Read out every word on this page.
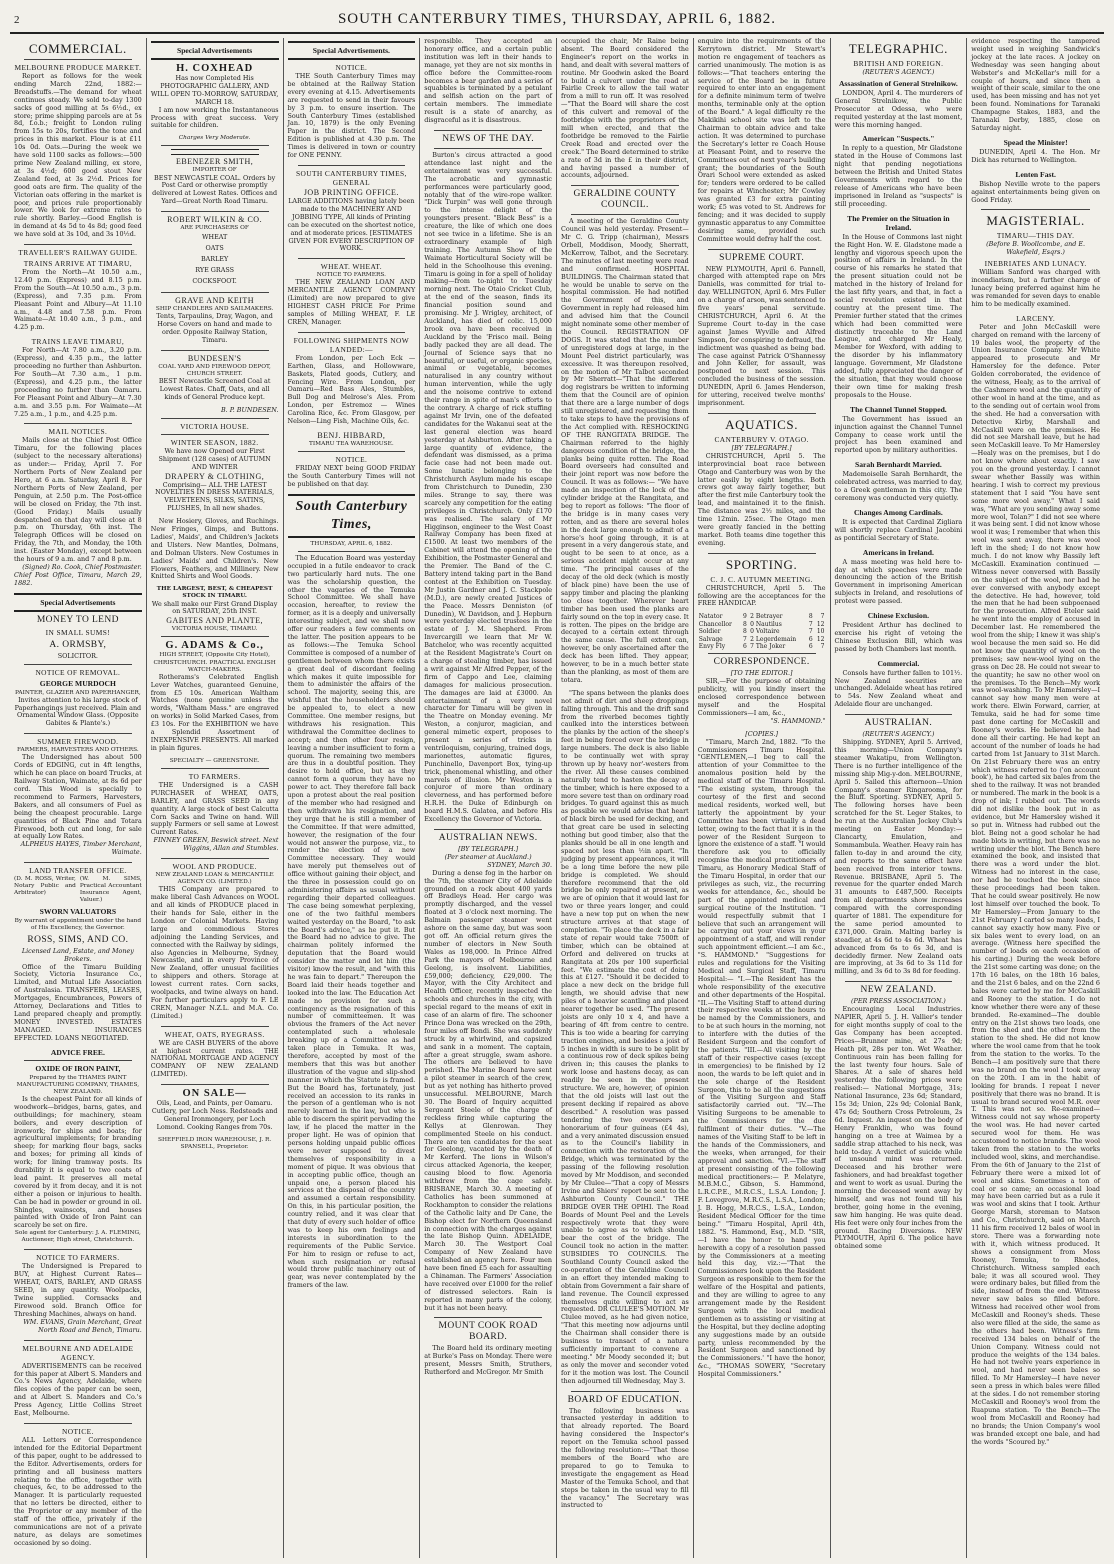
2	SOUTH CANTERBURY TIMES, THURSDAY, APRIL 6, 1882.
COMMERCIAL.
MELBOURNE PRODUCE MARKET.

Report as follows for the week ending March 22nd, 1882:— Breadstuffs.—The demand for wheat continues steady. We sold to-day 1300 sacks of good milling at 5s 6½d., ex store; prime shipping parcels are at 5s 8d, f.o.b.; freight to London ruling from 15s to 20s, fortifies the tone and prices in this market. Flour is at £11 10s 0d. Oats.—During the week we have sold 1100 sacks as follows:—500 prime New Zealand milling, ex store, at 3s 4½d; 600 good stout New Zealand feed, at 3s 2½d. Prices for good oats are firm. The quality of the Victorian oats offering in the market is poor, and prices rule proportionably lower. We look for extreme rates to rule shortly. Barley.—Good English is in demand at 4s 5d to 4s 8d; good feed we have sold at 3s 10d, and 3s 10½d.

TRAVELLER'S RAILWAY GUIDE.
TRAINS ARRIVE AT TIMARU,

From the North—At 10.50 a.m., 12.40 p.m. (Express) and 8.15 p.m. From the South—At 10.50 a.m., 3 p.m. (Express), and 7.35 p.m. From Pleasant Point and Albury—At 11.10 a.m., 4.48 and 7.58 p.m. From Waimate—At 10.40 a.m., 3 p.m., and 4.25 p.m.

TRAINS LEAVE TIMARU,

For North—At 7.80 a.m., 3.20 p.m. (Express), and 4.35 p.m., the latter proceeding no further than Ashburton. For South—At 7.30 a.m., 1 p.m. (Express), and 4.25 p.m., the latter proceeding no further than Oamaru. For Pleasant Point and Albury—At 7.30 a.m. and 3.55 p.m. For Waimate—At 7.25 a.m., 1 p.m., and 4.25 p.m.

MAIL NOTICES.

Mails close at the Chief Post Office Timaru, for the following places (subject to the necessary alterations) as under:— Friday, April 7. For Northern Ports of New Zealand per Hero, at 6 a.m. Saturday, April 8. For Northern Ports of New Zealand, per Penguin, at 2.50 p.m. The Post-office will be closed on Friday, the 7th inst. (Good Friday.) Mails usually despatched on that day will close at 8 p.m. on Thursday, 6th inst. The Telegraph Offices will be closed on Friday, the 7th, and Monday, the 10th inst. (Easter Monday), except between the hours of 9 a.m. and 7 and 8 p.m.

(Signed) Ro. Cook, Chief Postmaster.
Chief Post Office, Timaru, March 29, 1882.
Special Advertisements
MONEY TO LEND
IN SMALL SUMS!
A. ORMSBY,
SOLICITOR.
NOTICE OF REMOVAL.
GEORGE MURDOCH
PAINTER, GLAZIER AND PAPERHANGER,
Invites attention to his large stock of Paperhangings just received. Plain and Ornamental Window Glass. (Opposite Gabites & Plante's.)
SUMMER FIREWOOD.
FARMERS, HARVESTERS AND OTHERS.

The Undersigned has about 500 Cords of EDGING, cut in 4ft lengths, which he can place on board Trucks, at Railway Station, Waimate, at 8s 6d per cord. This Wood is specially to recommend to Farmers, Harvesters, Bakers, and all consumers of Fuel as being the cheapest procurable. Large quantities of Black Pine and Totara Firewood, both cut and long, for sale at equally Low Rates.

ALPHEUS HAYES, Timber Merchant, Waimate.
LAND TRANSFER OFFICE.
(D. M. ROSS, Writer, Notary Public and Arbitrator)
(W. M. SIMS, Practical Accountant Insurance Agent, Valuer.)
SWORN VALUATORS
By warrant of appointment under the hand of His Excellency, the Governor.
ROSS, SIMS, AND CO.
Licensed Land, Estate, and Money Brokers.

Office of the Timaru Building Society, Victoria Insurance Co., Limited, and Mutual Life Association of Australasia. TRANSFERS, LEASES, Mortgages, Encumbrances, Powers of Attorney, Declarations and Titles to Land prepared cheaply and promptly. MONEY INVESTED. ESTATES MANAGED. INSURANCES EFFECTED. LOANS NEGOTIATED.

ADVICE FREE.
OXIDE OF IRON PAINT,
Prepared by the THAMES PAINT MANUFACTURING COMPANY, THAMES, NEW ZEALAND.

Is the cheapest Paint for all kinds of woodwork—bridges, barns, gates, and outbuildings; for machinery, steam boilers, and every description of ironwork; for ships and boats; for agricultural implements; for branding sheep; for marking flour bags, sacks and boxes; for priming all kinds of work; for lining tramway posts. Its durability it is equal to two coats of lead paint. It preserves all metal covered by it from decay, and it is not either a poison or injurious to health. Can be had in powder or ground in oil. Shingles, wainscots, and houses painted with Oxide of Iron Paint can scarcely be set on fire.

Sole agent for Canterbury: J. A. FLEMING, Auctioneer, High street, Christchurch.
NOTICE TO FARMERS.

The Undersigned is Prepared to BUY, at Highest Current Rates—WHEAT, OATS, BARLEY, AND GRASS SEED, in any quantity. Woolpacks, Twine supplied. Cornsacks and Firewood sold. Branch Office for Threshing Machines, always on hand.

WM. EVANS, Grain Merchant, Great North Road and Bench, Timaru.
MELBOURNE AND ADELAIDE AGENCY.

ADVERTISEMENTS can be received for this paper at Albert S. Manders and Co.'s News Agency, Adelaide, where files copies of the paper can be seen, and at Albert S. Manders and Co.'s Press Agency, Little Collins Street East, Melbourne.

NOTICE.

ALL Letters or Correspondence intended for the Editorial Department of this paper, ought to be addressed to the Editor. Advertisements, orders for printing and all business matters relating to the office, together with cheques, &c, to be addressed to the Manager. It is particularly requested that no letters be directed, either to the Proprietor or any member of the staff of the office, privately if the communications are not of a private nature, as delays are sometimes occasioned by so doing.

Special Advertisements
H. COXHEAD
Has now Completed His PHOTOGRAPHIC GALLERY, AND WILL OPEN TO-MORROW, SATURDAY, MARCH 18.

I am now working the Instantaneous Process with great success. Very suitable for children.

Charges Very Moderate.
EBENEZER SMITH,
IMPORTER OF
BEST NEWCASTLE COAL. Orders by Post Card or otherwise promptly delivered at Lowest Rates. Offices and Yard—Great North Road Timaru.
ROBERT WILKIN & CO.
ARE PURCHASERS OF
WHEAT
OATS
BARLEY
RYE GRASS
COCKSFOOT.
GRAVE AND KEITH
SHIP CHANDLERS AND SAILMAKERS.
Tents, Tarpaulins, Dray, Wagon, and Horse Covers on hand and made to order. Opposite Railway Station, Timaru.
BUNDESEN'S
COAL YARD AND FIREWOOD DEPOT, CHURCH STREET.
BEST Newcastle Screened Coal at Lowest Rates. Chaff, Oats, and all kinds of General Produce kept.
B. P. BUNDESEN.
VICTORIA HOUSE.
WINTER SEASON, 1882.
We have now Opened our First Shipment (128 cases) of AUTUMN AND WINTER
DRAPERY & CLOTHING,
Comprising— ALL THE LATEST NOVELTIES IN DRESS MATERIALS, VELVETEENS, SILKS, SATINS, PLUSHES, In all new shades.

New Hosiery, Gloves, and Ruchings. New Fringes, Gimps, and Buttons. Ladies', Maids', and Children's Jackets and Ulsters. New Mantles, Dolmans, and Dolman Ulsters. New Costumes in Ladies' Maids' and Children's. New Flowers, Feathers, and Millinery. New Knitted Shirts and Wool Goods.

THE LARGEST, BEST, & CHEAPEST STOCK IN TIMARU.
We shall make our First Grand Display on SATURDAY, 25th INST.
GABITES AND PLANTE,
VICTORIA HOUSE, TIMARU.
G. ADAMS & Co.,
HIGH STREET, (Opposite City Hotel), CHRISTCHURCH. PRACTICAL ENGLISH WATCH-MAKERS.

Rotherams's Celebrated English Lever Watches, guaranteed Genuine, from £5 10s. American Waltham Watches (none genuine unless the words, "Waltham Mass." are engraved on works) in Solid Marked Cases, from £3 10s. For the EXHIBITION we have a Splendid Assortment of INEXPENSIVE PRESENTS. All marked in plain figures.

SPECIALTY — GREENSTONE.
TO FARMERS.

THE Undersigned is a CASH PURCHASER of WHEAT, OATS, BARLEY, and GRASS SEED in any quantity. A large stock of best Calcutta Corn Sacks and Twine on hand. Will supply Farmers or sell same at Lowest Current Rates.

FINNEY GREEN, Beswick street. Next Wiggins, Allan and Stumbles.
WOOL AND PRODUCE.
NEW ZEALAND LOAN & MERCANTILE AGENCY CO. (LIMITED.)

THIS Company are prepared to make liberal Cash Advances on WOOL and all kinds of PRODUCE placed in their hands for Sale, either in the London or Colonial Markets. Having large and commodious Stores adjoining the Landing Services, and connected with the Railway by sidings, also Agencies in Melbourne, Sydney, Newcastle, and in every Province of New Zealand, offer unusual facilities to shippers and others. Storage at lowest current rates. Corn sacks, woolpacks, and twine always on hand. For further particulars apply to F. LE CREN, Manager N.Z.L. and M.A. Co. (Limited.)

WHEAT, OATS, RYEGRASS.

WE are CASH BUYERS of the above at highest current rates. THE NATIONAL MORTGAGE AND AGENCY COMPANY OF NEW ZEALAND (LIMITED).

ON SALE—
Oils, Lead, and Paints, per Oamaru. Cutlery, per Loch Ness. Redsteads and General Ironmongery, per Loch Lomond. Cooking Ranges from 70s.
SHEFFIELD IRON WAREHOUSE, J. R. SPANSELL, Proprietor.
Special Advertisements.
NOTICE.

THE South Canterbury Times may be obtained at the Railway Station every evening at 4.15. Advertisements are requested to send in their favours by 3 p.m. to ensure insertion. The South Canterbury Times (established Jan. 10, 1879) is the only Evening Paper in the district. The Second Edition is published at 4.30 p.m. The Times is delivered in town or country for ONE PENNY.

SOUTH CANTERBURY TIMES, GENERAL
JOB PRINTING OFFICE.
LARGE ADDITIONS having lately been made to the MACHINERY AND JOBBING TYPE, All kinds of Printing can be executed on the shortest notice, and at moderate prices. [ESTIMATES GIVEN FOR EVERY DESCRIPTION OF WORK.
WHEAT. WHEAT.
NOTICE TO FARMERS.

THE NEW ZEALAND LOAN AND MERCANTILE AGENCY COMPANY (Limited) are now prepared to give HIGHEST CASH PRICE For Prime samples of Milling WHEAT, F. LE CREN, Manager.

FOLLOWING SHIPMENTS NOW LANDED:—

From London, per Loch Eck — Earthen, Glass, and Hollowware, Baskets, Plated goods, Cutlery, and Fencing Wire. From London, per Oamaru—Red Bass Ales, Stumbles, Bull Dog and Melrose's Ales. From London, per Estremoz — Wines Carolina Rice, &c. From Glasgow, per Nelson—Ling Fish, Machine Oils, &c.

BENJ. HIBBARD,
TIMARU TEA WAREHOUSE.
NOTICE.

FRIDAY NEXT being GOOD FRIDAY the South Canterbury Times will not be published on that day.

South Canterbury Times,
THURSDAY, APRIL 6, 1882.

The Education Board was yesterday occupied in a futile endeavor to crack two particularly hard nuts. The one was the scholarship question, the other the vagaries of the Temuka School Committee. We shall have occasion, hereafter, to review the former, as it is a deeply and universally interesting subject, and we shall now offer our readers a few comments on the latter. The position appears to be as follows:—The Temuka School Committee is composed of a number of gentlemen between whom there exists a great deal of discordant feeling which makes it quite impossible for them to administer the affairs of the school. The majority, seeing this, are wishful that the householders should be appealed to, to elect a new Committee. One member resigns, but withdraws his resignation. This withdrawal the Committee declines to accept; and then other four resign, leaving a number insufficient to form a quorum. The remaining two members are thus in a doubtful position. They desire to hold office, but as they cannot form a quorum they have no power to act. They therefore fall back upon a protest about the real position of the member who had resigned and then withdrawn his resignation, and they urge that he is still a member of the Committee. If that were admitted, however, the resignation of the four would not answer the purpose, viz., to render the election of a new Committee necessary. They would have merely put themselves out of office without gaining their object, and the three in possession could go on administering affairs as usual without regarding their departed colleagues. The case being somewhat perplexing, one of the two faithful members waited yesterday on the Board, "to ask the Board's advice," as he put it. But the Board had no advice to give. The chairman politely informed the deputation that the Board would consider the matter and let him (the visitor) know the result, and "with this he was fain to depart." Thereupon the Board laid their heads together and looked into the law. The Education Act made no provision for such a contingency as the resignation of this number of committeemen. It was obvious the framers of the Act never contemplated such a wholesale breaking up of a Committee as had taken place in Temuka. It was, therefore, accepted by most of the members that this was but another illustration of the vague and slip-shod manner in which the Statute is framed. But the Board has, fortunately, just received an accession to its ranks in the person of a gentleman who is not merely learned in the law, but who is able to discern the spirit pervading the law, if he placed the matter in the proper light. He was of opinion that persons holding unpaid public offices were never supposed to divest themselves of responsibility in a moment of pique. It was obvious that in accepting public office, though an unpaid one, a person placed his services at the disposal of the country and assumed a certain responsibility. On this, in his particular position, the country relied, and it was clear that that duty of every such holder of office was to keep his own feelings and interests in subordination to the requirements of the Public Service. For him to resign or refuse to act, when such resignation or refusal would throw public machinery out of gear, was never contemplated by the framers of the law.

responsible. They accepted an honorary office, and a certain public institution was left in their hands to manage, yet they are not six months in office before the Committee-room becomes a bear garden and a series of squabbles is terminated by a petulant and selfish action on the part of certain members. The immediate result is a state of anarchy, as disgraceful as it is disastrous.

NEWS OF THE DAY.

Burton's circus attracted a good attendance last night and the entertainment was very successful. The acrobatic and gymnastic performances were particularly good, notably that of the wire-rope walker. "Dick Turpin" was well gone through to the intense delight of the youngsters present. "Black Bess" is a creature, the like of which one does not see twice in a lifetime. She is an extraordinary example of high training. The Autumn Show of the Waimate Horticultural Society will be held in the Schoolhouse this evening. Timaru is going in for a spell of holiday making—from to-night to Tuesday morning next. The Otaio Cricket Club, at the end of the season, finds its financial position sound and promising. Mr J. Wrigley, architect, of Auckland, has died of colic. 15,000 brook ova have been received in Auckland by the 'Frisco mail. Being badly packed they are all dead. The Journal of Science says that no beautiful, or useful, or organic species, animal or vegetable, becomes naturalised in any country without human intervention, while the ugly and the noisome contrive to extend their range in spite of man's efforts to the contrary. A charge of rick stuffing against Mr Irvin, one of the defeated candidates for the Wakanui seat at the last general election was heard yesterday at Ashburton. After taking a large quantity of evidence, the defendant was dismissed, as a prima facie case had not been made out. Some lunatic belonging to the Christchurch Asylum made his escape from Christchurch to Dunedin, 230 miles. Strange to say, there was scarcely any competition for the eating privileges in Christchurch. Only £170 was realised. The salary of Mr Higginson, engineer to the West Coast Railway Company has been fixed at £1500. At least two members of the Cabinet will attend the opening of the Exhibition, the Postmaster General and the Premier. The Band of the C. Battery intend taking part in the Band contest at the Exhibition on Tuesday. Mr Justin Gardner and J. C. Stackpole (M.D.), are newly created Justices of the Peace. Messrs Denniston (of Dunedin), W. Davidson, and J. Hepburn were yesterday elected trustees in the estate of J. M. Shepherd. From Invercargill we learn that Mr W. Batchelor, who was recently acquitted at the Resident Magistrate's Court on a charge of stealing timber, has issued a writ against Mr Alfred Pepper, of the firm of Cappo and Lee, claiming damages for malicious prosecution. The damages are laid at £3000. An entertainment of a very novel character for Timaru will be given in the Theatre on Monday evening. Mr Weston, a conjuror, magician, and general mimetic expert, proposes to present a series of tricks in ventriloquism, conjuring, trained dogs, marionettes, automatic figures, Punchinello, Davenport Box, tying-up trick, phenomenal whistling, and other marvels of illusion. Mr Weston is a conjuror of more than ordinary cleverness, and has performed before H.R.H. the Duke of Edinburgh on board H.M.S. Galatea, and before His Excellency the Governor of Victoria.

AUSTRALIAN NEWS.
[BY TELEGRAPH.]
(Per steamer at Auckland.)
SYDNEY, March 30.

During a dense fog in the harbor on the 7th, the steamer City of Adelaide grounded on a rock about 400 yards off Bradleys Head. Her cargo was promptly discharged, and the vessel floated at 3 o'clock next morning. The Balmain passenger steamer went ashore on the same day, but was soon got off. An official return gives the number of electors in New South Wales as 198,000. In Prince Alfred Park the mayors of Melbourne and Geelong, is insolvent. Liabilities, £59,000; deficiency, £29,000. The Mayor, with the City Architect and Health Officer, recently inspected the schools and churches in the city, with special regard to the means of exit in case of an alarm of fire. The schooner Prince Dona was wrecked on the 29th, four miles off Bondi. She was suddenly struck by a whirlwind, and capsized and sank in a moment. The captain, after a great struggle, swam ashore. The others are believed to have perished. The Marine Board have sent a pilot steamer in search of the crew, but as yet nothing has hitherto proved unsuccessful. MELBOURNE, March 30. The Board of Inquiry acquitted Sergeant Steele of the charge of reckless firing while capturing the Kellys at Glenrowan. They complimented Steele on his conduct. There are ten candidates for the seat for Geelong, vacated by the death of Mr Kerferd. The lions in Wilson's circus attacked Agenoria, the keeper, causing blood to flow. Agenoria withdrew from the cage safely. BRISBANE, March 30. A meeting of Catholics has been summoned at Rockhampton to consider the relations of the Catholic laity and Dr Cane, the Bishop elect for Northern Queensland in connection with the charges against the late Bishop Quinn. ADELAIDE, March 30. The Westport Coal Company of New Zealand have established an agency here. Four men have been fined £5 each for assaulting a Chinaman. The Farmers' Association have received over £1000 for the relief of distressed selectors. Rain is reported in many parts of the colony, but it has not been heavy.

MOUNT COOK ROAD BOARD.

The Board held its ordinary meeting at Burke's Pass on Monday. There were present, Messrs Smith, Struthers, Rutherford and McGregor. Mr Smith

occupied the chair, Mr Raine being absent. The Board considered the Engineer's report on the works in hand, and dealt with several matters of routine. Mr Goodwin asked the Board to build a culvert under the road at Fairlie Creek to allow the tail water from a mill to run off. It was resolved—"That the Board will share the cost of this culvert and removal of the footbridge with the proprietors of the mill when erected, and that the footbridge be removed to the Fairlie Creek Road and erected over the creek." The Board determined to strike a rate of 3d in the £ in their district, and having passed a number of accounts, adjourned.

GERALDINE COUNTY COUNCIL.

A meeting of the Geraldine County Council was held yesterday. Present—Mr C. G. Tripp (chairman), Messrs Orbell, Moddison, Moody, Sherratt, McKerrow, Talbot, and the Secretary. The minutes of last meeting were read and confirmed. HOSPITAL BUILDINGS. The Chairman stated that he would be unable to serve on the hospital commission. He had notified the Government of this, and Government in reply had released him and advised him that the Council might nominate some other member of the Council. REGISTRATION OF DOGS. It was stated that the number of unregistered dogs at large, in the Mount Peel district particularly, was excessive. It was thereupon resolved, on the motion of Mr Talbot seconded by Mr Sherratt—"That the different dog registrars be written to informing them that the Council are of opinion that there are a large number of dogs still unregistered, and requesting them to take steps to have the provisions of the Act complied with. RESHOCKING OF THE RANGITATA BRIDGE. The Chairman referred to the highly dangerous condition of the bridge, the planks being quite rotten. The Road Board overseers had consulted and their joint report was now before the Council. It was as follows:— "We have made an inspection of the lock of the cylinder bridge at the Rangitata, and beg to report as follows: "The floor of the bridge is in many cases very rotten, and as there are several holes in the deck large enough to admit of a horse's hoof going through, it is at present in a very dangerous state, and ought to be seen to at once, as a serious accident might occur at any time. "The principal causes of the decay of the old deck (which is mostly of black pine) have been the use of sappy timber and placing the planking too close together. Wherever heart timber has been used the planks are fairly sound on the top in every case. It is rotten. The pipes on the bridge are decayed to a certain extent through the same cause. The full extent can, however, be only ascertained after the deck has been lifted. They appear, however, to be in a much better state than the planking, as most of them are totara.

"The spans between the planks does not admit of dirt and sheep droppings falling through. This and the drift sand from the riverbed becomes tightly caulked into the interstices between the planks by the action of the sheep's feet in being forced over the bridge in large numbers. The deck is also liable to be continually wet with spray thrown up by heavy nor'-westers from the river. All these causes combined naturally tend to hasten the decay of the timber, which is here exposed to a more severe test than on ordinary road bridges. To guard against this as much as possible we would advise that heart of black birch be used for decking, and that great care be used in selecting nothing but good timber, also that the planks should be all in one length and spaced not less than ½in apart. "In judging by present appearances, it will be a long time before the new pile bridge is completed. We should therefore recommend that the old bridge be only repaired at present, as we are of opinion that it would last for two or three years longer, and could have a new top put on when the new structure arrives at that stage of completion. "To place the deck in a fair state of repair would take 7500ft of timber, which can be obtained at Orford and delivered on trucks at Rangitata at 20s per 100 superficial feet. "We estimate the cost of doing this at £127. "Should it be decided to place a new deck on the bridge full length, we should advise that new piles of a heavier scantling and placed nearer together be used. "The present joists are only 10 x 4, and have a bearing of 4ft from centre to centre. This is too wide a bearing for carrying traction engines, and besides a joist of 5 inches in width is sure to be split by a continuous row of deck spikes being driven in; this causes the planks to work loose and hastens decay, as can readily be seen in the present structure. We are, however, of opinion that the old joists will last out the present decking if repaired as above described." A resolution was passed tendering the two overseers an honorarium of four guineas (£4 4s), and a very animated discussion ensued as to the Council's liability in connection with the restoration of the Bridge, which was terminated by the passing of the following resolution moved by Mr Moddison, and seconded by Mr Clulee—"That a copy of Messrs Irvine and Shiers' report be sent to the Ashburton County Council." THE BRIDGE OVER THE OPIHI. The Road Boards of Mount Peel and the Levels respectively wrote that they were unable to agree as to which should bear the cost of the bridge. The Council took no action in the matter. SUBSIDIES TO COUNCILS. The Southland County Council asked the co-operation of the Geraldine Council in an effort they intended making to obtain from Government a fair share of land revenue. The Council expressed themselves quite willing to act as requested. DR CLULEE'S MOTION. Mr Clulee moved, as he had given notice, "That this meeting now adjourns until the Chairman shall consider there is business to transact of a nature sufficiently important to convene a meeting." Mr Moody seconded it; but as only the mover and seconder voted for it the motion was lost. The Council then adjourned till Wednesday, May 3.

BOARD OF EDUCATION.

The following business was transacted yesterday in addition to that already reported. The Board having considered the Inspector's report on the Temuka school passed the following resolution:—"That those members of the Board who are prepared to go to Temuka to investigate the engagement as Head Master of the Temuka School, and that steps be taken in the usual way to fill the vacancy." The Secretary was instructed to

enquire into the requirements of the Kerrytown district. Mr Stewart's motion re engagement of teachers as carried unanimously. The motion is as follows:—"That teachers entering the service of the Board be in future required to enter into an engagement for a definite minimum term of twelve months, terminable only at the option of the Board." A legal difficulty re the Makikihi school site was left to the Chairman to obtain advice and take action. It was determined to purchase the Secretary's letter re Coach House at Pleasant Point, and to reserve the Committees out of next year's building grant; the boundaries of the South Orari School were extended as asked for; tenders were ordered to be called for repairs at Winchester; Mr Cowley was granted £3 for extra painting work; £5 was voted to St. Andrews for fencing; and it was decided to supply gymnastic apparatus to any Committee desiring same, provided such Committee would defray half the cost.

SUPREME COURT.

NEW PLYMOUTH, April 6. Pannell, charged with attempted rape on Mrs Daniells, was committed for trial to-day. WELLINGTON, April 6. Mrs Fuller on a charge of arson, was sentenced to five years' penal servitude. CHRISTCHURCH, April 6. At the Supreme Court to-day in the case against James Wyville and Alfred Simpson, for conspiring to defraud, the indictment was quashed as being bad. The case against Patrick O'Shannessy and John Keller, for assault, was postponed to next session. This concluded the business of the session. DUNEDIN, April 6. James Henderson, for uttering, received twelve months' imprisonment.

AQUATICS.
CANTERBURY V. OTAGO.
[BY TELEGRAPH.]

CHRISTCHURCH, April 5. The interprovincial boat race between Otago and Canterbury was won by the latter easily by eight lengths. Both crews got away fairly together, but after the first mile Canterbury took the lead, and maintained it to the finish. The distance was 2½ miles, and the time 12min. 25sec. The Otago men were greatly fancied in the betting market. Both teams dine together this evening.

SPORTING.
C. J. C. AUTUMN MEETING.

CHRISTCHURCH, April 5. The following are the acceptances for the FREE HANDICAP.

Natator	9	2	Betrayer	8	7
Chancellor	8	0	Nautilus	7	12
Soldier	8	0	Voltaire	7	10
Salvage	7	2	Legerdemain	6	12
Envy Fly	6	7	The Joker	6	7
CORRESPONDENCE.
[TO THE EDITOR.]

SIR,—For the purpose of obtaining publicity, will you kindly insert the enclosed correspondence between myself and the Hospital Commissioners—I am, &c.,

"S. HAMMOND."
[COPIES.]

"Timaru, March 2nd, 1882. "To the Commissioners Timaru Hospital. "GENTLEMEN,—I beg to call the attention of your Committee to the anomalous position held by the medical staff of the Timaru Hospital. "The existing system, through the courtesy of the first and second medical residents, worked well, but latterly the appointment by your Committee has been virtually a dead letter, owing to the fact that it is in the power of the Resident Surgeon to ignore the existence of a staff. "I would therefore ask you to officially recognise the medical practitioners of Timaru, as Honorary Medical Staff of the Timaru Hospital, in order that our privileges as such, viz., the recurring weeks for attendance, &c., should be part of the appointed medical and surgical routine of the Institution. "I would respectfully submit that I believe that such an arrangement will be carrying out your views in your appointment of a staff, and will render such appointment efficient.—I am &c., "S. HAMMOND." "Suggestions for rules and regulations for the Visiting Medical and Surgical Staff, Timaru Hospital:— "I.—The Resident has the whole responsibility of the executive and other departments of the Hospital. "II.—The Visiting Staff to attend during their respective weeks at the hours to be named by the Commissioners, and to be at such hours in the morning, not to interfere with the duties of the Resident Surgeon and the comfort of the patients. "III.—All visiting by the staff of their respective cases (except in emergencies) to be finished by 12 noon, the wards to be left quiet and in the sole charge of the Resident Surgeon, this to be all the suggestions of the Visiting Surgeon and Staff satisfactorily carried out. "IV.—The Visiting Surgeons to be amenable to the Commissioners for the due fulfilment of their duties. "V.—The names of the Visiting Staff to be left in the hands of the Commissioners, and the weeks, when arranged, for their approval and sanction. "VI.—The staff at present consisting of the following medical practitioners:— P. Melatyre, M.B.M.C., Gibson, S. Hammond, L.R.C.P.E., M.R.C.S., L.S.A. London; J. F. Lovegrove, M.R.C.S., L.S.A., London; J. B. Hogg, M.R.C.S., L.S.A., London, Resident Medical Officer for the time being." "Timaru Hospital, April 4th, 1882. "S. Hammond, Esq., M.D. "SIR,—I have the honor to hand you herewith a copy of a resolution passed by the Commissioners at a meeting held this day, viz.:—"That the Commissioners look upon the Resident Surgeon as responsible to them for the welfare of the Hospital and patients, and they are willing to agree to any arrangement made by the Resident Surgeon with the local medical gentlemen as to assisting or visiting at the Hospital, but they decline adopting any suggestions made by an outside party, unless recommended by the Resident Surgeon and sanctioned by the Commissioners.' "I have the honor, &c., "THOMAS SOWERY, "Secretary Hospital Commissioners."

TELEGRAPHIC.
BRITISH AND FOREIGN.
(REUTER'S AGENCY.)
Assassination of General Strelnikow.

LONDON, April 4. The murderers of General Strelnikow, the Public Prosecutor at Odessa, who were requited yesterday at the last moment, were this morning hanged.

American "Suspects."

In reply to a question, Mr Gladstone stated in the House of Commons last night that pending negotiations between the British and United States Governments with regard to the release of Americans who have been imprisoned in Ireland as "suspects" is still proceeding.

The Premier on the Situation in Ireland.

In the House of Commons last night the Right Hon. W. E. Gladstone made a lengthy and vigorous speech upon the position of affairs in Ireland. In the course of his remarks he stated that the present situation could not be matched in the history of Ireland for the last fifty years, and that, in fact a social revolution existed in that country at the present time. The Premier further stated that the crimes which had been committed were distinctly traceable to the Land League, and charged Mr Healy, Member for Wexford, with adding to the disorder by his inflammatory language. Government, Mr Gladstone added, fully appreciated the danger of the situation, that they would choose their own time for making fresh proposals to the House.

The Channel Tunnel Stopped.

The Government has issued an injunction against the Channel Tunnel Company to cease work until the project has been examined and reported upon by military authorities.

Sarah Bernhardt Married.

Mademoiselle Sarah Bernhardt, the celebrated actress, was married to day, to a Greek gentleman in this city. The ceremony was conducted very quietly.

Changes Among Cardinals.

It is expected that Cardinal Zigliara will shortly replace Cardinal Jacobini as pontificial Secretary of State.

Americans in Ireland.

A mass meeting was held here to-day at which speeches were made denouncing the action of the British Government in imprisoning American subjects in Ireland, and resolutions of protest were passed.

Chinese Exclusion.

President Arthur has declined to exercise his right of vetoing the Chinese Exclusion Bill, which was passed by both Chambers last month.

Commercial.

Consols have further fallen to 101½. New Zealand securities are unchanged. Adelaide wheat has retired to 54s. New Zealand wheat and Adelaide flour are unchanged.

AUSTRALIAN.
(REUTER'S AGENCY.)

Shipping. SYDNEY, April 5. Arrived, this morning—Union Company's steamer Wakatipu, from Wellington. There is no further intelligence of the missing ship Mig-y-don. MELBOURNE, April 5. Sailed this afternoon—Union Company's steamer Ringarooma, for the Bluff. Sporting. SYDNEY, April 5. The following horses have been scratched for the St. Leger Stakes, to be run at the Australian Jockey Club's meeting on Easter Monday:—Clancarty, Emulation, and Sommambula. Weather. Heavy rain has fallen to-day in and around the city, and reports to the same effect have been received from interior towns. Revenue. BRISBANE, April 5. The revenue for the quarter ended March 31 amounts to £487,500. Receipts from all departments show increases compared with the corresponding quarter of 1881. The expenditure for the same period amounted to £371,000. Grain. Malting barley is steadier, at 4s 6d to 4s 6d. Wheat has advanced from 6s to 6s 3d, and is decidedly firmer. New Zealand oats are improving, at 3s 6d to 3s 11d for milling, and 3s 6d to 3s 8d for feeding.

NEW ZEALAND.
(PER PRESS ASSOCIATION.)

Encouraging Local Industries. NAPIER, April 5. J. H. Vallier's tender for eight months supply of coal to the Gas Company has been accepted. Prices—Brunner mine, at 27s 9d; Heath pit, 28s per ton. Wet Weather. Continuous rain has been falling for the last twenty four hours. Sale of Shares. At a sale of shares held yesterday the following prices were realised:— National Mortgage, 31s; National Insurance, 23s 6d; Standard, 15s 3d; Union, 22s 9d; Colonial Bank, 47s 6d; Southern Cross Petroleum, 2s 6d. Inquest. An inquest on the body of Henry Franklin, who was found hanging on a tree at Waimea by a saddle strap attached to his neck, was held to-day. A verdict of suicide while of unsound mind was returned. Deceased and his brother were fashioners, and had breakfast together and went to work as usual. During the morning the deceased went away by himself, and was not found till his brother, going home in the evening, saw him hanging. He was quite dead. His feet were only four inches from the ground. Racing Diversions. NEW PLYMOUTH, April 6. The police have obtained some

evidence respecting the tampered weight used in weighing Sandwick's jockey at the late races. A jockey on Wednesday was seen hanging about Webster's and McKellar's mill for a couple of hours, and since then a weight of their scale, similar to the one used, has been missing and has not yet been found. Nominations for Taranaki Champagne Stakes, 1883, and the Taranaki Derby, 1885, close on Saturday night.

Spead the Minister!

DUNEDIN, April 4. The Hon. Mr Dick has returned to Wellington.

Lenten Fast.

Bishop Neville wrote to the papers against entertainments being given on Good Friday.

MAGISTERIAL.
TIMARU—THIS DAY.
(Before B. Woollcombe, and E. Wakefield, Esqrs.)
INEBRIATES AND LUNACY.

William Sanford was charged with incendiarism, but a further charge of lunacy being preferred against him he was remanded for seven days to enable him to be medically examined.

LARCENY.

Peter and John McCaskill were charged on remand with the larceny of 19 bales wool, the property of the Union Insurance Company. Mr White appeared to prosecute and Mr Hamersley for the defence. Peter Golden corroborated, the evidence of the witness, Healy, as to the arrival of the Cashmere wool and the quantity of other wool in hand at the time, and as to the sending out of certain wool from the shed. He had a conversation with Detective Kirby, Marshall and McCaskill were on the premises. He did not see Marshall leave, but he had seen McCaskill leave. To Mr Hamersley—Healy was on the premises, but I do not know where about exactly. I saw you on the ground yesterday. I cannot swear whether Bassily was within hearing. I wish to correct my previous statement that I said "You have sent some more wool away." What I said was, "What are you sending away some more wool, Tolan?" I did not see where it was being sent. I did not know whose wool it was; I remember that when this wool was sent away, there was wool left in the shed; I do not know how much. I do not know why Bassily left McCaskill. Examination continued — Witness never conversed with Bassily on the subject of the wool, nor had he ever conversed with anybody except the detective. He had, however, told the men that he had been subpoenaed for the prosecution. Alfred Eteler said he went into the employ of accused in December last. He remembered the wool from the ship; I knew it was ship's wool because the men said so. He did not know the quantity of wool on the premises; saw new-wool lying on the grass on Dec 28. He could not swear to the quantity; he saw no other wool on the premises. To the Bench—My work was wool-washing. To Mr Hamersley—I cannot say how many men were at work there. Elwin Forward, carrier, at Temuka, said he had for some time past done carting for McCaskill and Rooney's works. He believed he had done all their carting. He had kept an account of the number of loads he had carted from 1st January to 31st March. On 21st February there was an entry which witness referred to ('on account book'), he had carted six bales from the shed to the railway. It was not branded or numbered. The mark in the book is a drop of ink; I rubbed out. The words did not dislike the book put in as evidence, but Mr Hamersley wished it so put in. Witness had rubbed out the blot. Being not a good scholar he had made blots in writing, but there was no writing under the blot. The Bench here examined the book, and insisted that there was a word under the blot. Witness had no interest in the case, nor had he touched the book since these proceedings had been taken. That he could swear positively. He now lost himself over touched the book. To Mr Hamersley—From January to the 21st February I carted so many loads, I cannot say exactly how many. Five or six bales went to every load, on an average. (Witness here specified the number of loads on each occasion of his carting.) During the week before the 21st some carting was done; on the 17th 16 bales, on the 18th 16 bales, and the 21st 6 bales, and on the 22nd 6 bales were carted by me for McCaskill and Rooney to the station. I do not know whether there were any of these branded. Re-examined—The double entry on the 21st shows two loads, one from the shed and the other from the station to the shed. He did not know where the wool came from that he took from the station to the works. To the Bench—I am positively sure that there was no brand on the wool I took away on the 20th. I am in the habit of looking for brands. I repeat I never positively that there was no brand. It is usual to brand secured wool M.R. over T. This was not so. Re-examined—Witness could not say whose property the wool was. He had never carted secured wool for them. He was accustomed to notice brands. The wool taken from the station to the works included wool, skins, and merchandise. From the 6th of January to the 21st of February there were a mixed lot of wool and skins. Sometimes a ton of coal or so came; an occasional load may have been carried but as a rule it was wool and skins that I took. Arthur George Marsh, storeman to Matson and Co., Christchurch, said on March 11 his firm received 12 bales of wool in store. There was a forwarding note with it, which witness produced. It shows a consignment from Moss Rooney, Temuka, to Rhodes, Christchurch. Witness sampled each bale; it was all scoured wool. They were ordinary bales, but filled from the side, instead of from the end. Witness never saw bales so filled before. Witness had received other wool from McCaskill and Rooney's sheds. These also were filled at the side, the same as the others had been. Witness's firm received 134 bales on behalf of the Union Company. Witness could not produce the weights of the 134 bales. He had not twelve years experience in wool, and had never seen bales so filled. To Mr Hamersley—I have never seen a press in which bales were filled at the sides. I do not remember storing McCaskill and Rooney's wool from the Ruapuna station. To the Bench—The wool from McCaskill and Rooney had no brands; the Union Company's wool was branded except one bale, and had the words "Scoured by."
